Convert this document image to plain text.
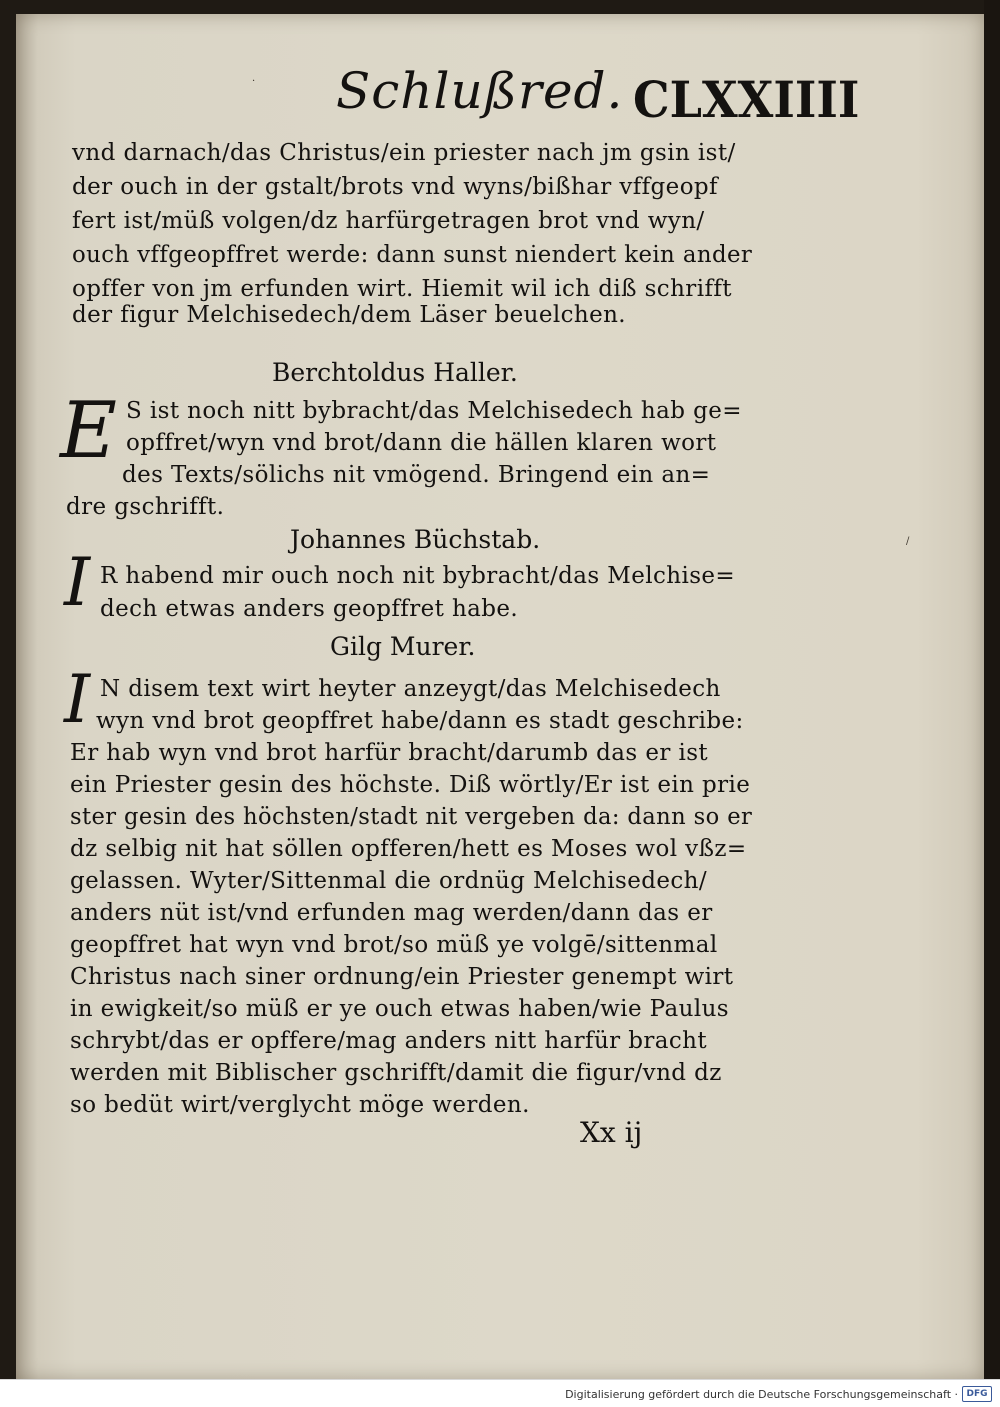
Schlußred. CLXXIIII
vnd darnach/das Christus/ein priester nach jm gsin ist/
der ouch in der gstalt/brots vnd wyns/bißhar vffgeopf
fert ist/müß volgen/dz harfürgetragen brot vnd wyn/
ouch vffgeopffret werde: dann sunst niendert kein ander
opffer von jm erfunden wirt. Hiemit wil ich diß schrifft
der figur Melchisedech/dem Läser beuelchen.
Berchtoldus Haller.
E S ist noch nitt bybracht/das Melchisedech hab ge=
opffret/wyn vnd brot/dann die hällen klaren wort
des Texts/sölichs nit vmögend. Bringend ein an=
dre gschrifft.
Johannes Büchstab.
I R habend mir ouch noch nit bybracht/das Melchise=
dech etwas anders geopffret habe.
Gilg Murer.
I N disem text wirt heyter anzeygt/das Melchisedech
wyn vnd brot geopffret habe/dann es stadt geschribe:
Er hab wyn vnd brot harfür bracht/darumb das er ist
ein Priester gesin des höchste. Diß wörtly/Er ist ein prie
ster gesin des höchsten/stadt nit vergeben da: dann so er
dz selbig nit hat söllen opfferen/hett es Moses wol vßz=
gelassen. Wyter/Sittenmal die ordnüg Melchisedech/
anders nüt ist/vnd erfunden mag werden/dann das er
geopffret hat wyn vnd brot/so müß ye volgē/sittenmal
Christus nach siner ordnung/ein Priester genempt wirt
in ewigkeit/so müß er ye ouch etwas haben/wie Paulus
schrybt/das er opffere/mag anders nitt harfür bracht
werden mit Biblischer gschrifft/damit die figur/vnd dz
so bedüt wirt/verglycht möge werden.
Xx ij
·
/
Digitalisierung gefördert durch die Deutsche Forschungsgemeinschaft · DFG
